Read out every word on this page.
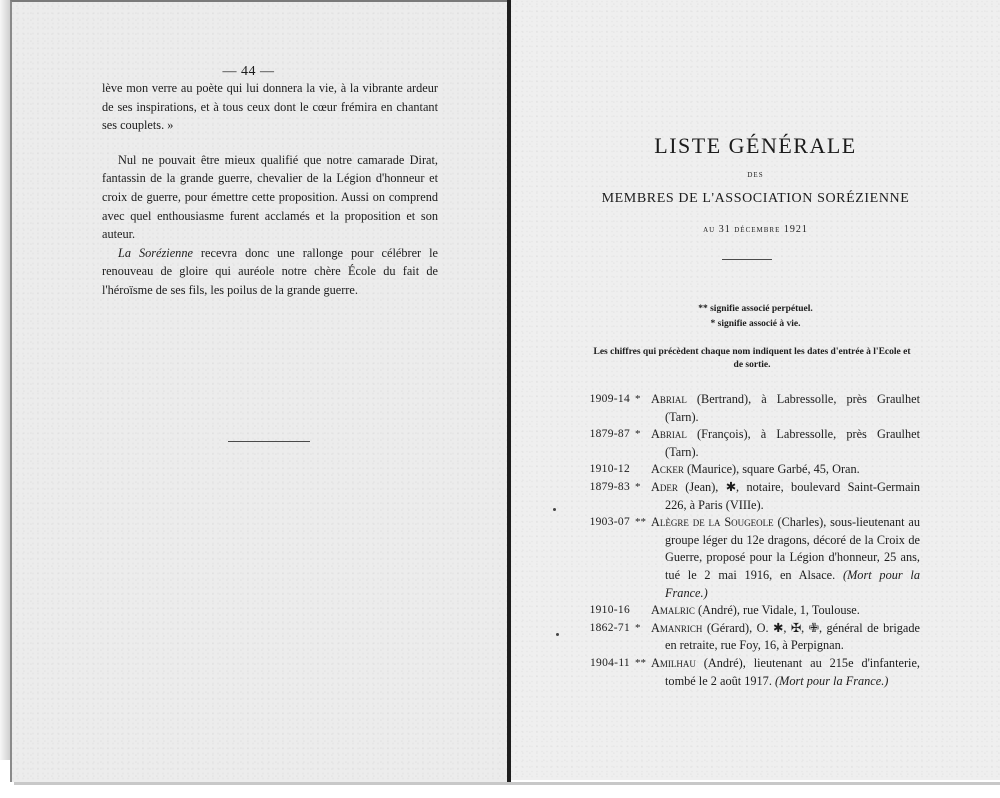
— 44 —

lève mon verre au poète qui lui donnera la vie, à la vibrante ardeur de ses inspirations, et à tous ceux dont le cœur frémira en chantant ses couplets. »

Nul ne pouvait être mieux qualifié que notre camarade Dirat, fantassin de la grande guerre, chevalier de la Légion d'honneur et croix de guerre, pour émettre cette proposition. Aussi on comprend avec quel enthousiasme furent acclamés et la proposition et son auteur.

La Sorézienne recevra donc une rallonge pour célébrer le renouveau de gloire qui auréole notre chère École du fait de l'héroïsme de ses fils, les poilus de la grande guerre.

LISTE GÉNÉRALE
DES
MEMBRES DE L'ASSOCIATION SORÉZIENNE
au 31 décembre 1921
** signifie associé perpétuel.
* signifie associé à vie.
Les chiffres qui précèdent chaque nom indiquent les dates d'entrée à l'Ecole et de sortie.
1909-14 * Abrial (Bertrand), à Labressolle, près Graulhet (Tarn).
1879-87 * Abrial (François), à Labressolle, près Graulhet (Tarn).
1910-12	Acker (Maurice), square Garbé, 45, Oran.
1879-83 * Ader (Jean), ✱, notaire, boulevard Saint-Germain 226, à Paris (VIIIe).
1903-07 ** Alègre de la Sougeole (Charles), sous-lieutenant au groupe léger du 12e dragons, décoré de la Croix de Guerre, proposé pour la Légion d'honneur, 25 ans, tué le 2 mai 1916, en Alsace. (Mort pour la France.)
1910-16	Amalric (André), rue Vidale, 1, Toulouse.
1862-71 * Amanrich (Gérard), O. ✱, ✠, ✙, général de brigade en retraite, rue Foy, 16, à Perpignan.
1904-11 ** Amilhau (André), lieutenant au 215e d'infanterie, tombé le 2 août 1917. (Mort pour la France.)
